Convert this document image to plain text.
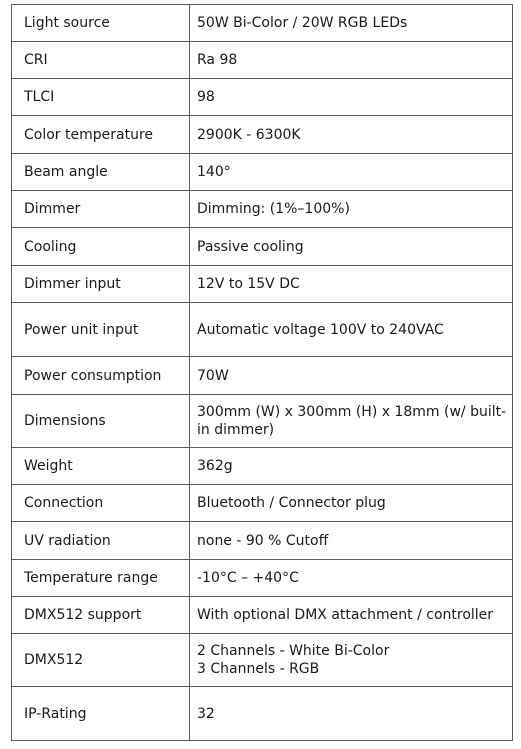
Light source	50W Bi-Color / 20W RGB LEDs

CRI	Ra 98

TLCI	98

Color temperature	2900K - 6300K

Beam angle	140°

Dimmer	Dimming: (1%–100%)

Cooling	Passive cooling

Dimmer input	12V to 15V DC

Power unit input	Automatic voltage 100V to 240VAC

Power consumption	70W

Dimensions	300mm (W) x 300mm (H) x 18mm (w/ built-in dimmer)

Weight	362g

Connection	Bluetooth / Connector plug

UV radiation	none - 90 % Cutoff

Temperature range	-10°C – +40°C

DMX512 support	With optional DMX attachment / controller

DMX512	2 Channels - White Bi-Color
3 Channels - RGB

IP-Rating	32
